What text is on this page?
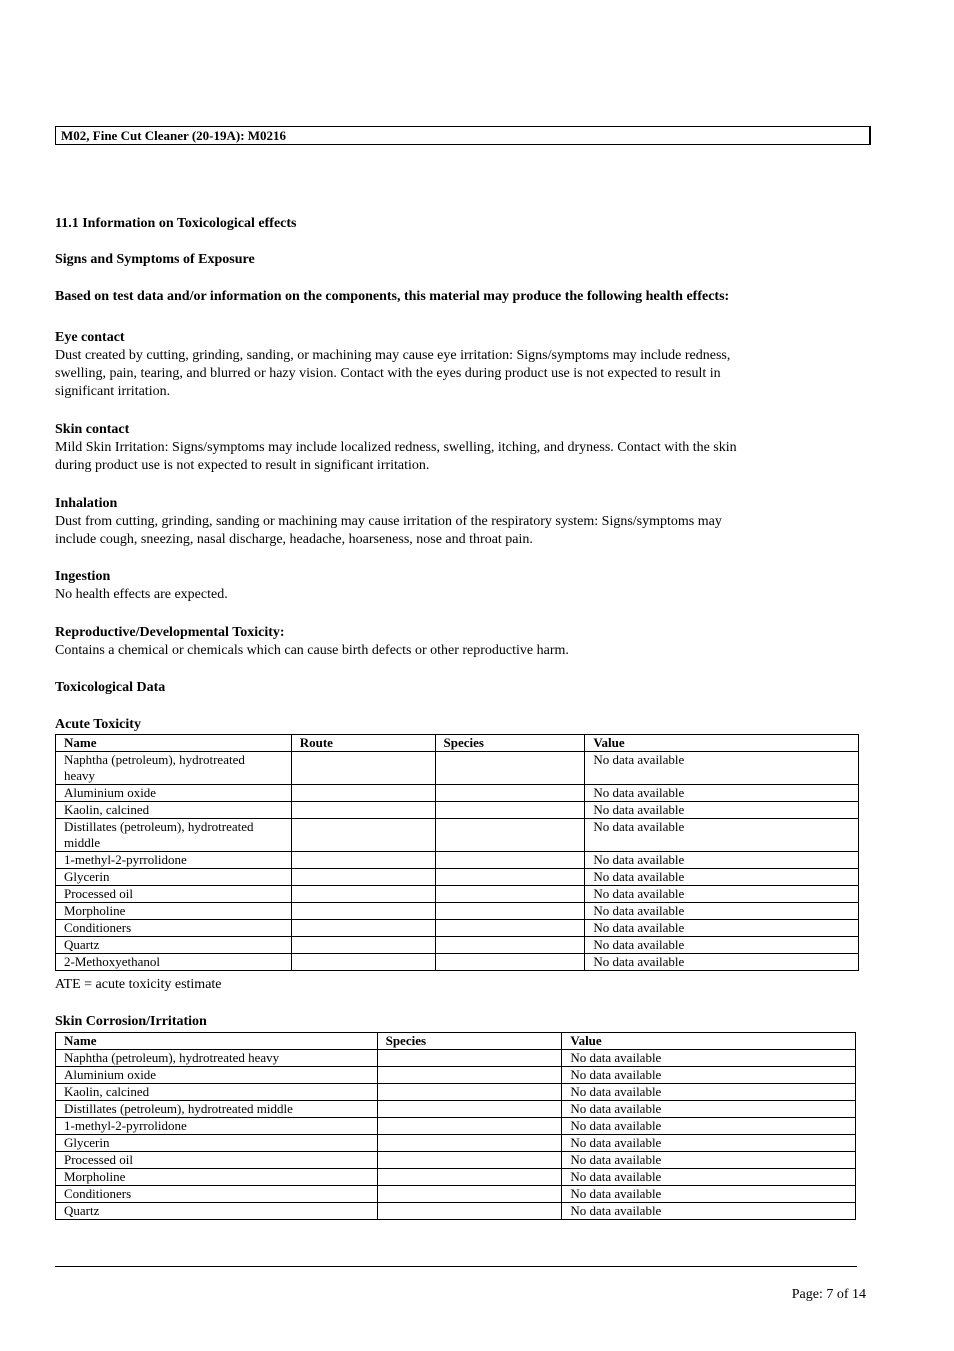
M02, Fine Cut Cleaner (20-19A): M0216
11.1 Information on Toxicological effects
Signs and Symptoms of Exposure
Based on test data and/or information on the components, this material may produce the following health effects:
Eye contact
Dust created by cutting, grinding, sanding, or machining may cause eye irritation: Signs/symptoms may include redness,
swelling, pain, tearing, and blurred or hazy vision. Contact with the eyes during product use is not expected to result in
significant irritation.
Skin contact
Mild Skin Irritation: Signs/symptoms may include localized redness, swelling, itching, and dryness. Contact with the skin
during product use is not expected to result in significant irritation.
Inhalation
Dust from cutting, grinding, sanding or machining may cause irritation of the respiratory system: Signs/symptoms may
include cough, sneezing, nasal discharge, headache, hoarseness, nose and throat pain.
Ingestion
No health effects are expected.
Reproductive/Developmental Toxicity:
Contains a chemical or chemicals which can cause birth defects or other reproductive harm.
Toxicological Data
Acute Toxicity
Name	Route	Species	Value
Naphtha (petroleum), hydrotreated
heavy			No data available
Aluminium oxide			No data available
Kaolin, calcined			No data available
Distillates (petroleum), hydrotreated
middle			No data available
1-methyl-2-pyrrolidone			No data available
Glycerin			No data available
Processed oil			No data available
Morpholine			No data available
Conditioners			No data available
Quartz			No data available
2-Methoxyethanol			No data available
ATE = acute toxicity estimate
Skin Corrosion/Irritation
Name	Species	Value
Naphtha (petroleum), hydrotreated heavy		No data available
Aluminium oxide		No data available
Kaolin, calcined		No data available
Distillates (petroleum), hydrotreated middle		No data available
1-methyl-2-pyrrolidone		No data available
Glycerin		No data available
Processed oil		No data available
Morpholine		No data available
Conditioners		No data available
Quartz		No data available
Page: 7 of 14
